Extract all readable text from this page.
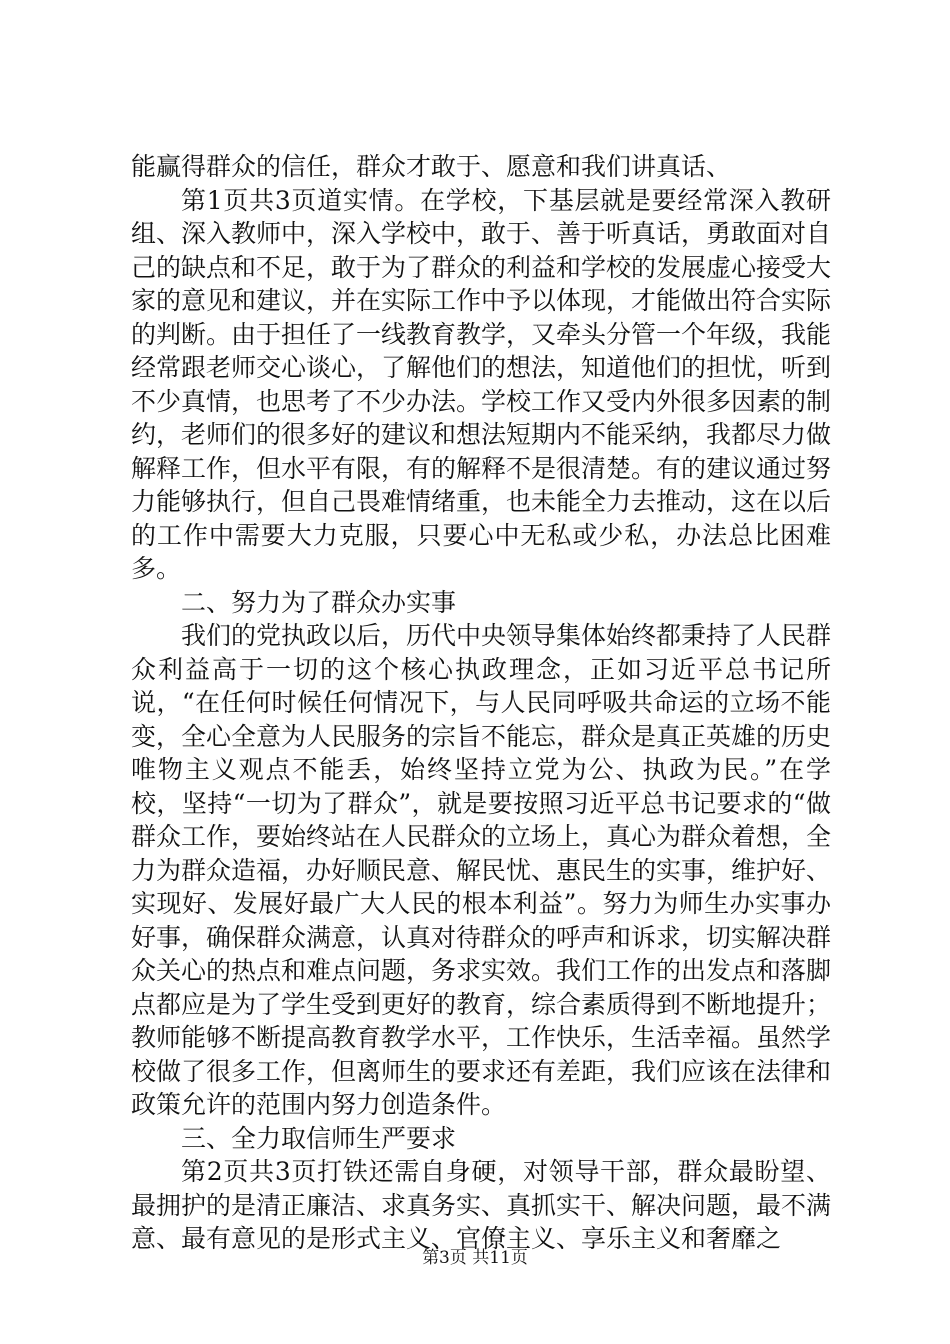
能赢得群众的信任，群众才敢于、愿意和我们讲真话、

第1页共3页道实情。在学校，下基层就是要经常深入教研组、深入教师中，深入学校中，敢于、善于听真话，勇敢面对自己的缺点和不足，敢于为了群众的利益和学校的发展虚心接受大家的意见和建议，并在实际工作中予以体现，才能做出符合实际的判断。由于担任了一线教育教学，又牵头分管一个年级，我能经常跟老师交心谈心，了解他们的想法，知道他们的担忧，听到不少真情，也思考了不少办法。学校工作又受内外很多因素的制约，老师们的很多好的建议和想法短期内不能采纳，我都尽力做解释工作，但水平有限，有的解释不是很清楚。有的建议通过努力能够执行，但自己畏难情绪重，也未能全力去推动，这在以后的工作中需要大力克服，只要心中无私或少私，办法总比困难多。

二、努力为了群众办实事

我们的党执政以后，历代中央领导集体始终都秉持了人民群众利益高于一切的这个核心执政理念，正如习近平总书记所说，“在任何时候任何情况下，与人民同呼吸共命运的立场不能变，全心全意为人民服务的宗旨不能忘，群众是真正英雄的历史唯物主义观点不能丢，始终坚持立党为公、执政为民。”在学校，坚持“一切为了群众”，就是要按照习近平总书记要求的“做群众工作，要始终站在人民群众的立场上，真心为群众着想，全力为群众造福，办好顺民意、解民忧、惠民生的实事，维护好、实现好、发展好最广大人民的根本利益”。努力为师生办实事办好事，确保群众满意，认真对待群众的呼声和诉求，切实解决群众关心的热点和难点问题，务求实效。我们工作的出发点和落脚点都应是为了学生受到更好的教育，综合素质得到不断地提升；教师能够不断提高教育教学水平，工作快乐，生活幸福。虽然学校做了很多工作，但离师生的要求还有差距，我们应该在法律和政策允许的范围内努力创造条件。

三、全力取信师生严要求

第2页共3页打铁还需自身硬，对领导干部，群众最盼望、最拥护的是清正廉洁、求真务实、真抓实干、解决问题，最不满意、最有意见的是形式主义、官僚主义、享乐主义和奢靡之

第3页 共11页
